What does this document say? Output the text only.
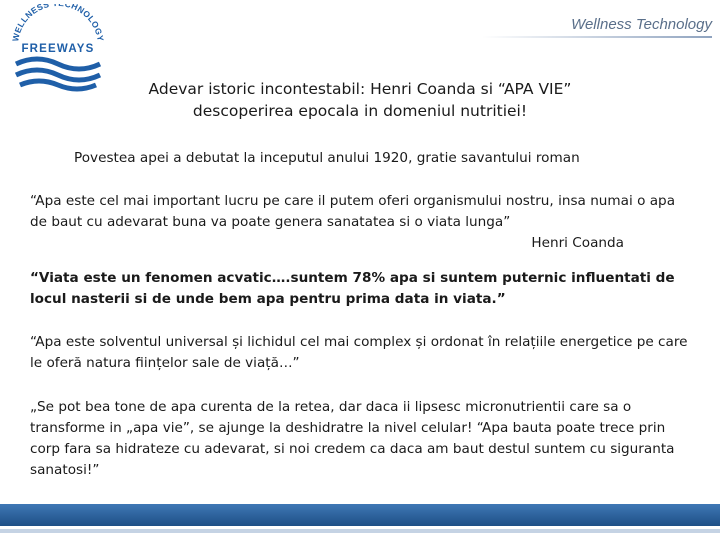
WELLNESS CHNOLOGY
FREEWAYS
Wellness Technology
Adevar istoric incontestabil: Henri Coanda si “APA VIE”
descoperirea epocala in domeniul nutritiei!
Povestea apei a debutat la inceputul anului 1920, gratie savantului roman
“Apa este cel mai important lucru pe care il putem oferi organismului nostru, insa numai o apa de baut cu adevarat buna va poate genera sanatatea si o viata lunga”
Henri Coanda
“Viata este un fenomen acvatic….suntem 78% apa si suntem puternic influentati de locul nasterii si de unde bem apa pentru prima data in viata.”
“Apa este solventul universal și lichidul cel mai complex și ordonat în relațiile energetice pe care le oferă natura ființelor sale de viață…”
„Se pot bea tone de apa curenta de la retea, dar daca ii lipsesc micronutrientii care sa o transforme in „apa vie”, se ajunge la deshidratre la nivel celular! “Apa bauta poate trece prin corp fara sa hidrateze cu adevarat, si noi credem ca daca am baut destul suntem cu siguranta sanatosi!”
